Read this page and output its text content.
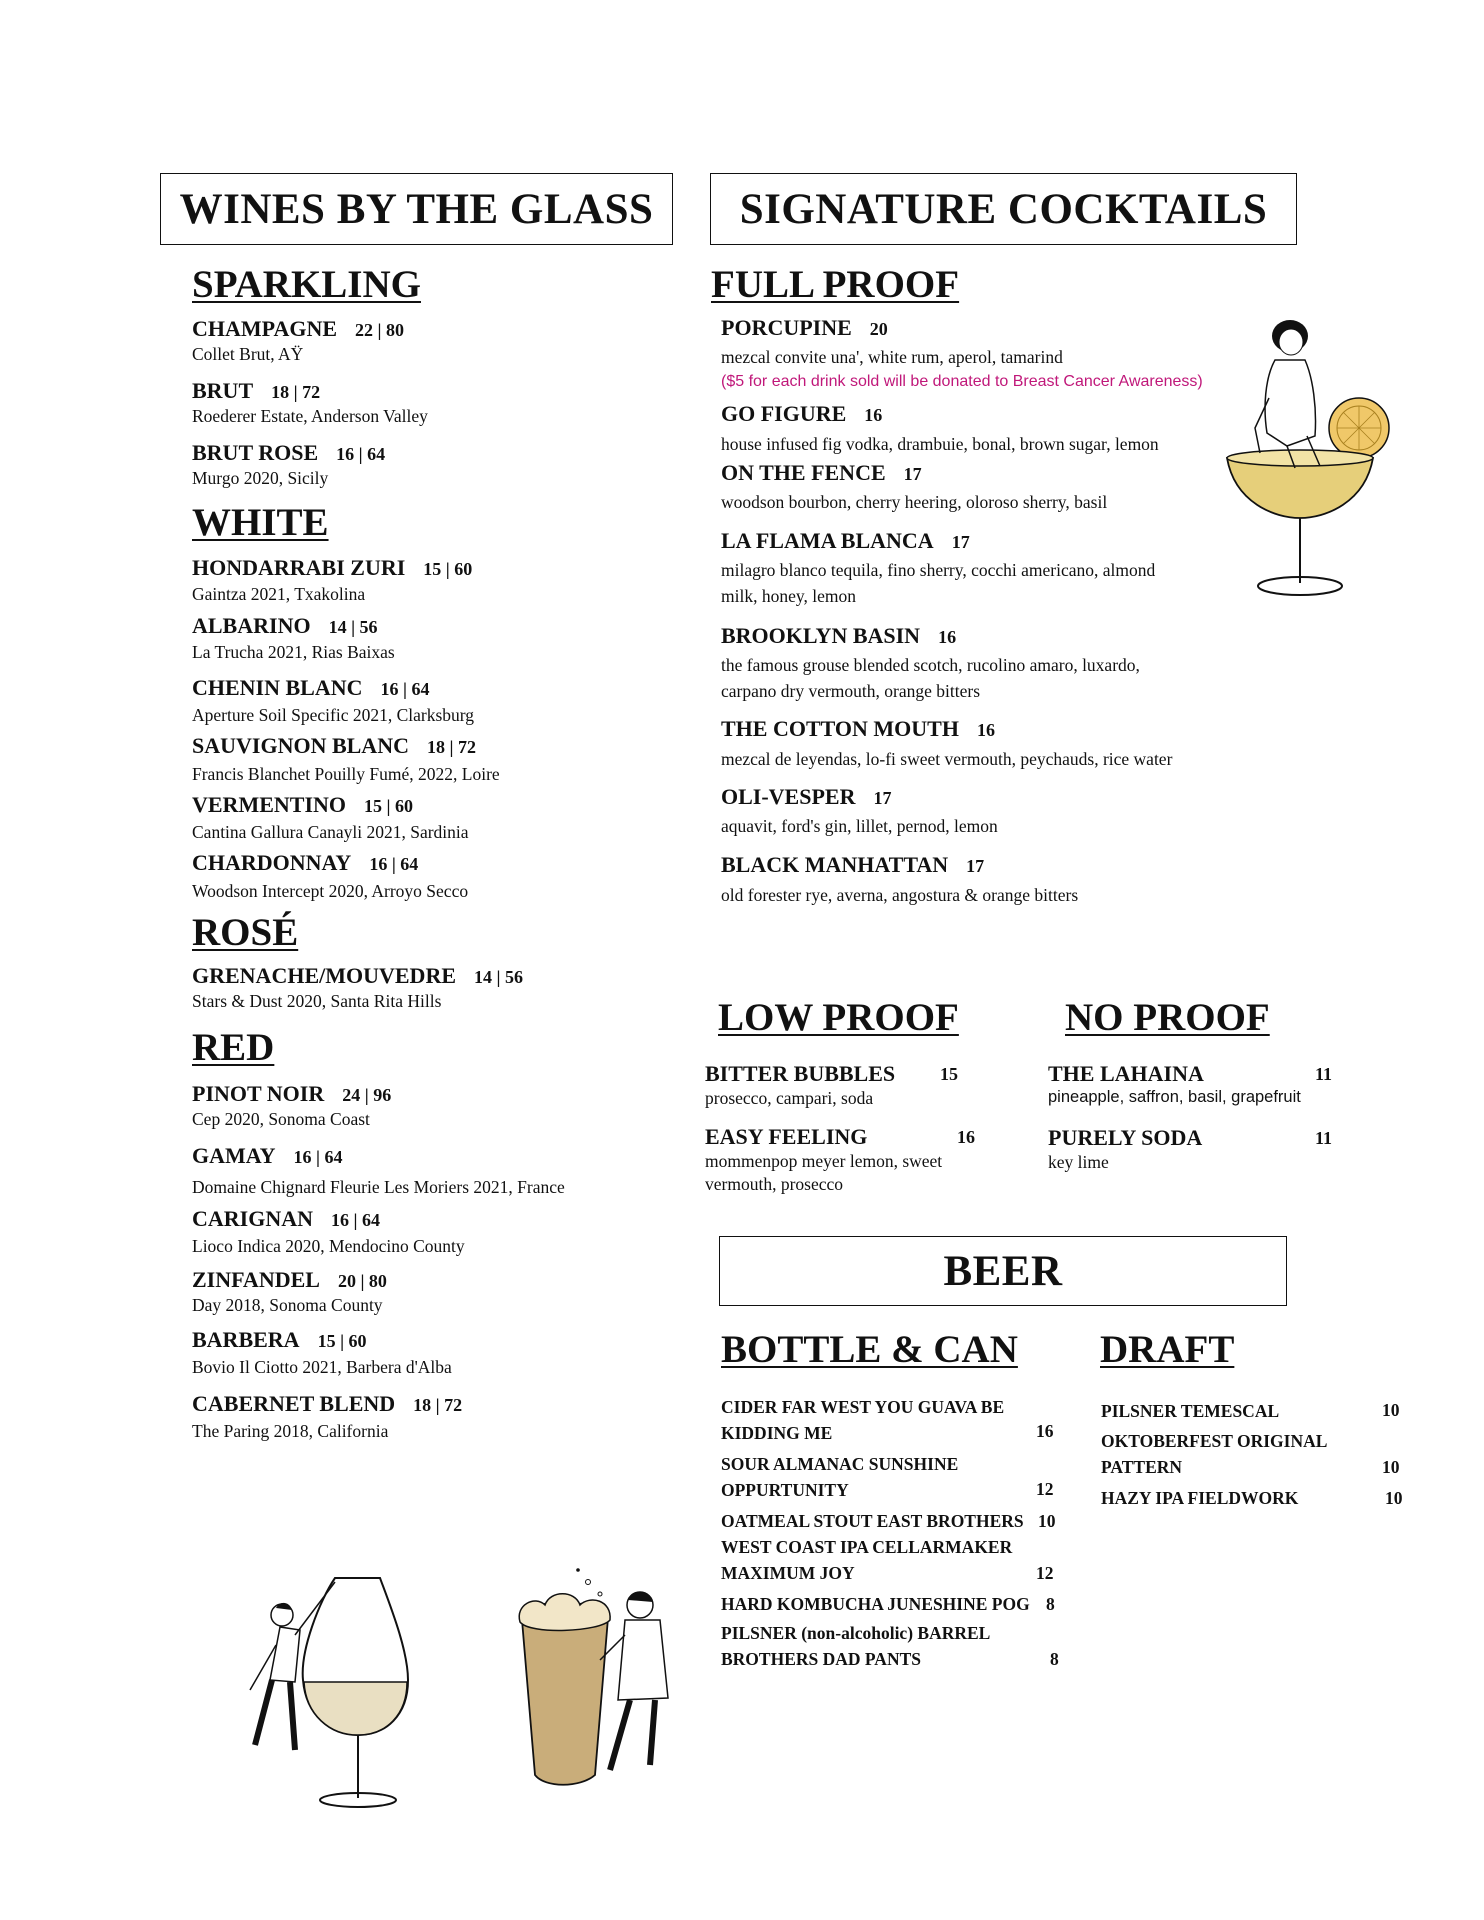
WINES BY THE GLASS
SPARKLING
CHAMPAGNE 22 | 80
Collet Brut, AŸ
BRUT 18 | 72
Roederer Estate, Anderson Valley
BRUT ROSE 16 | 64
Murgo 2020, Sicily
WHITE
HONDARRABI ZURI 15 | 60
Gaintza 2021, Txakolina
ALBARINO 14 | 56
La Trucha 2021, Rias Baixas
CHENIN BLANC 16 | 64
Aperture Soil Specific 2021, Clarksburg
SAUVIGNON BLANC 18 | 72
Francis Blanchet Pouilly Fumé, 2022, Loire
VERMENTINO 15 | 60
Cantina Gallura Canayli 2021, Sardinia
CHARDONNAY 16 | 64
Woodson Intercept 2020, Arroyo Secco
ROSÉ
GRENACHE/MOUVEDRE 14 | 56
Stars & Dust 2020, Santa Rita Hills
RED
PINOT NOIR 24 | 96
Cep 2020, Sonoma Coast
GAMAY 16 | 64
Domaine Chignard Fleurie Les Moriers 2021, France
CARIGNAN 16 | 64
Lioco Indica 2020, Mendocino County
ZINFANDEL 20 | 80
Day 2018, Sonoma County
BARBERA 15 | 60
Bovio Il Ciotto 2021, Barbera d'Alba
CABERNET BLEND 18 | 72
The Paring 2018, California
SIGNATURE COCKTAILS
FULL PROOF
PORCUPINE 20
mezcal convite una', white rum, aperol, tamarind
($5 for each drink sold will be donated to Breast Cancer Awareness)
GO FIGURE 16
house infused fig vodka, drambuie, bonal, brown sugar, lemon
ON THE FENCE 17
woodson bourbon, cherry heering, oloroso sherry, basil
LA FLAMA BLANCA 17
milagro blanco tequila, fino sherry, cocchi americano, almond
milk, honey, lemon
BROOKLYN BASIN 16
the famous grouse blended scotch, rucolino amaro, luxardo,
carpano dry vermouth, orange bitters
THE COTTON MOUTH 16
mezcal de leyendas, lo-fi sweet vermouth, peychauds, rice water
OLI-VESPER 17
aquavit, ford's gin, lillet, pernod, lemon
BLACK MANHATTAN 17
old forester rye, averna, angostura & orange bitters
LOW PROOF
BITTER BUBBLES 15
prosecco, campari, soda
EASY FEELING	16
mommenpop meyer lemon, sweet
vermouth, prosecco
NO PROOF
THE LAHAINA	11
pineapple, saffron, basil, grapefruit
PURELY SODA	11
key lime
BEER
BOTTLE & CAN
CIDER FAR WEST YOU GUAVA BE
KIDDING ME	16
SOUR ALMANAC SUNSHINE
OPPURTUNITY	12
OATMEAL STOUT EAST BROTHERS 10
WEST COAST IPA CELLARMAKER
MAXIMUM JOY	12
HARD KOMBUCHA JUNESHINE POG 8
PILSNER (non-alcoholic) BARREL
BROTHERS DAD PANTS	8
DRAFT
PILSNER TEMESCAL	10
OKTOBERFEST ORIGINAL
PATTERN	10
HAZY IPA FIELDWORK	10
